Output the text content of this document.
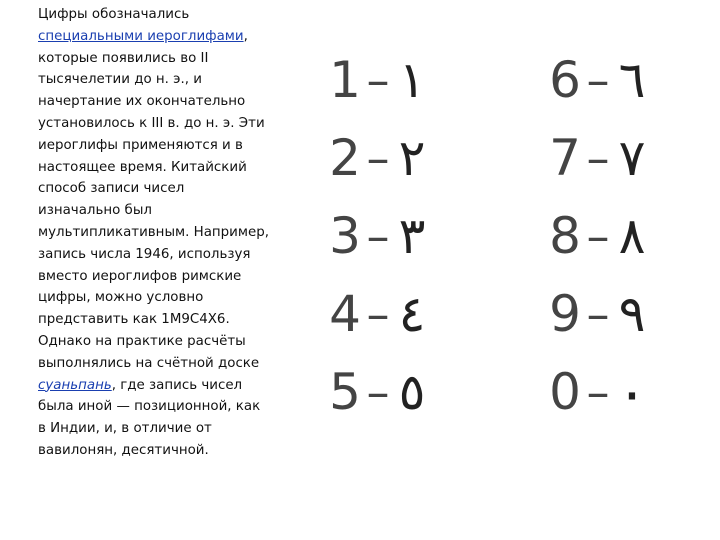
Цифры обозначались специальными иероглифами, которые появились во II тысячелетии до н. э., и начертание их окончательно установилось к III в. до н. э. Эти иероглифы применяются и в настоящее время. Китайский способ записи чисел изначально был мультипликативным. Например, запись числа 1946, используя вместо иероглифов римские цифры, можно условно представить как 1М9С4Х6. Однако на практике расчёты выполнялись на счётной доске суаньпань, где запись чисел была иной — позиционной, как в Индии, и, в отличие от вавилонян, десятичной.
1 – ١
2 – ٢
3 – ٣
4 – ٤
5 – ٥
6 – ٦
7 – ٧
8 – ٨
9 – ٩
0 – ٠
